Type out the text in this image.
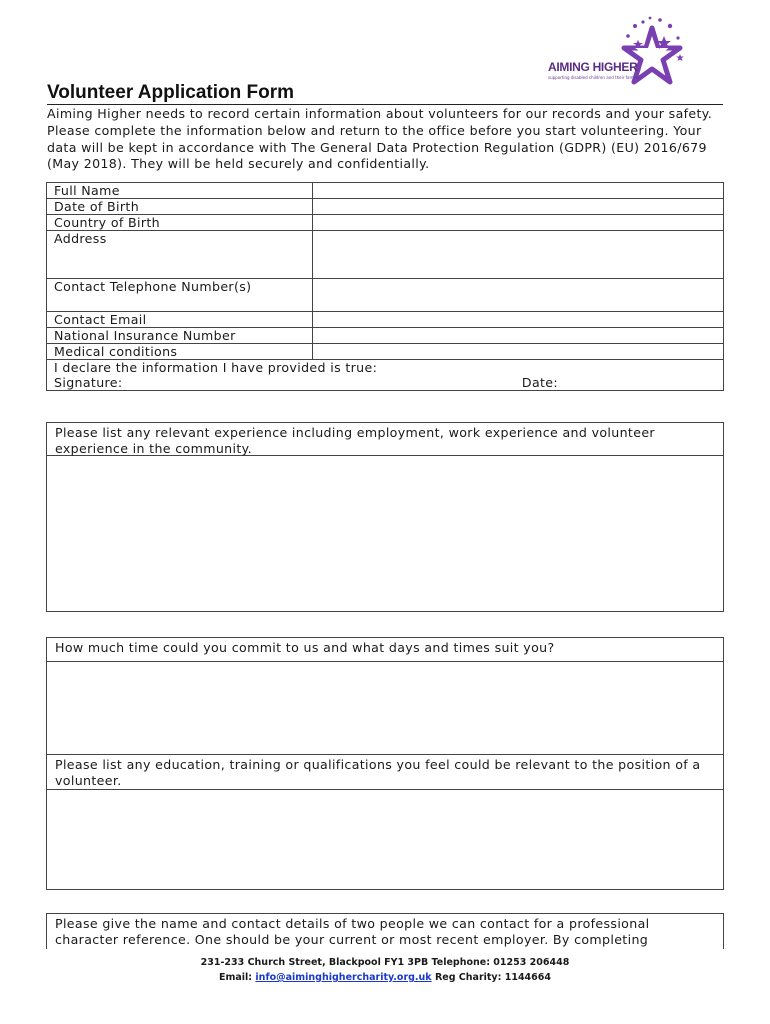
AIMING HIGHER
supporting disabled children and their families
Volunteer Application Form

Aiming Higher needs to record certain information about volunteers for our records and your safety. Please complete the information below and return to the office before you start volunteering. Your data will be kept in accordance with The General Data Protection Regulation (GDPR) (EU) 2016/679 (May 2018). They will be held securely and confidentially.

Full Name	
Date of Birth	
Country of Birth	
Address	
Contact Telephone Number(s)	
Contact Email	
National Insurance Number	
Medical conditions	

I declare the information I have provided is true:
Signature: Date:	

Please list any relevant experience including employment, work experience and volunteer experience in the community.

How much time could you commit to us and what days and times suit you?

Please list any education, training or qualifications you feel could be relevant to the position of a volunteer.

Please give the name and contact details of two people we can contact for a professional character reference. One should be your current or most recent employer. By completing

231-233 Church Street, Blackpool FY1 3PB Telephone: 01253 206448
Email: info@aiminghighercharity.org.uk Reg Charity: 1144664
